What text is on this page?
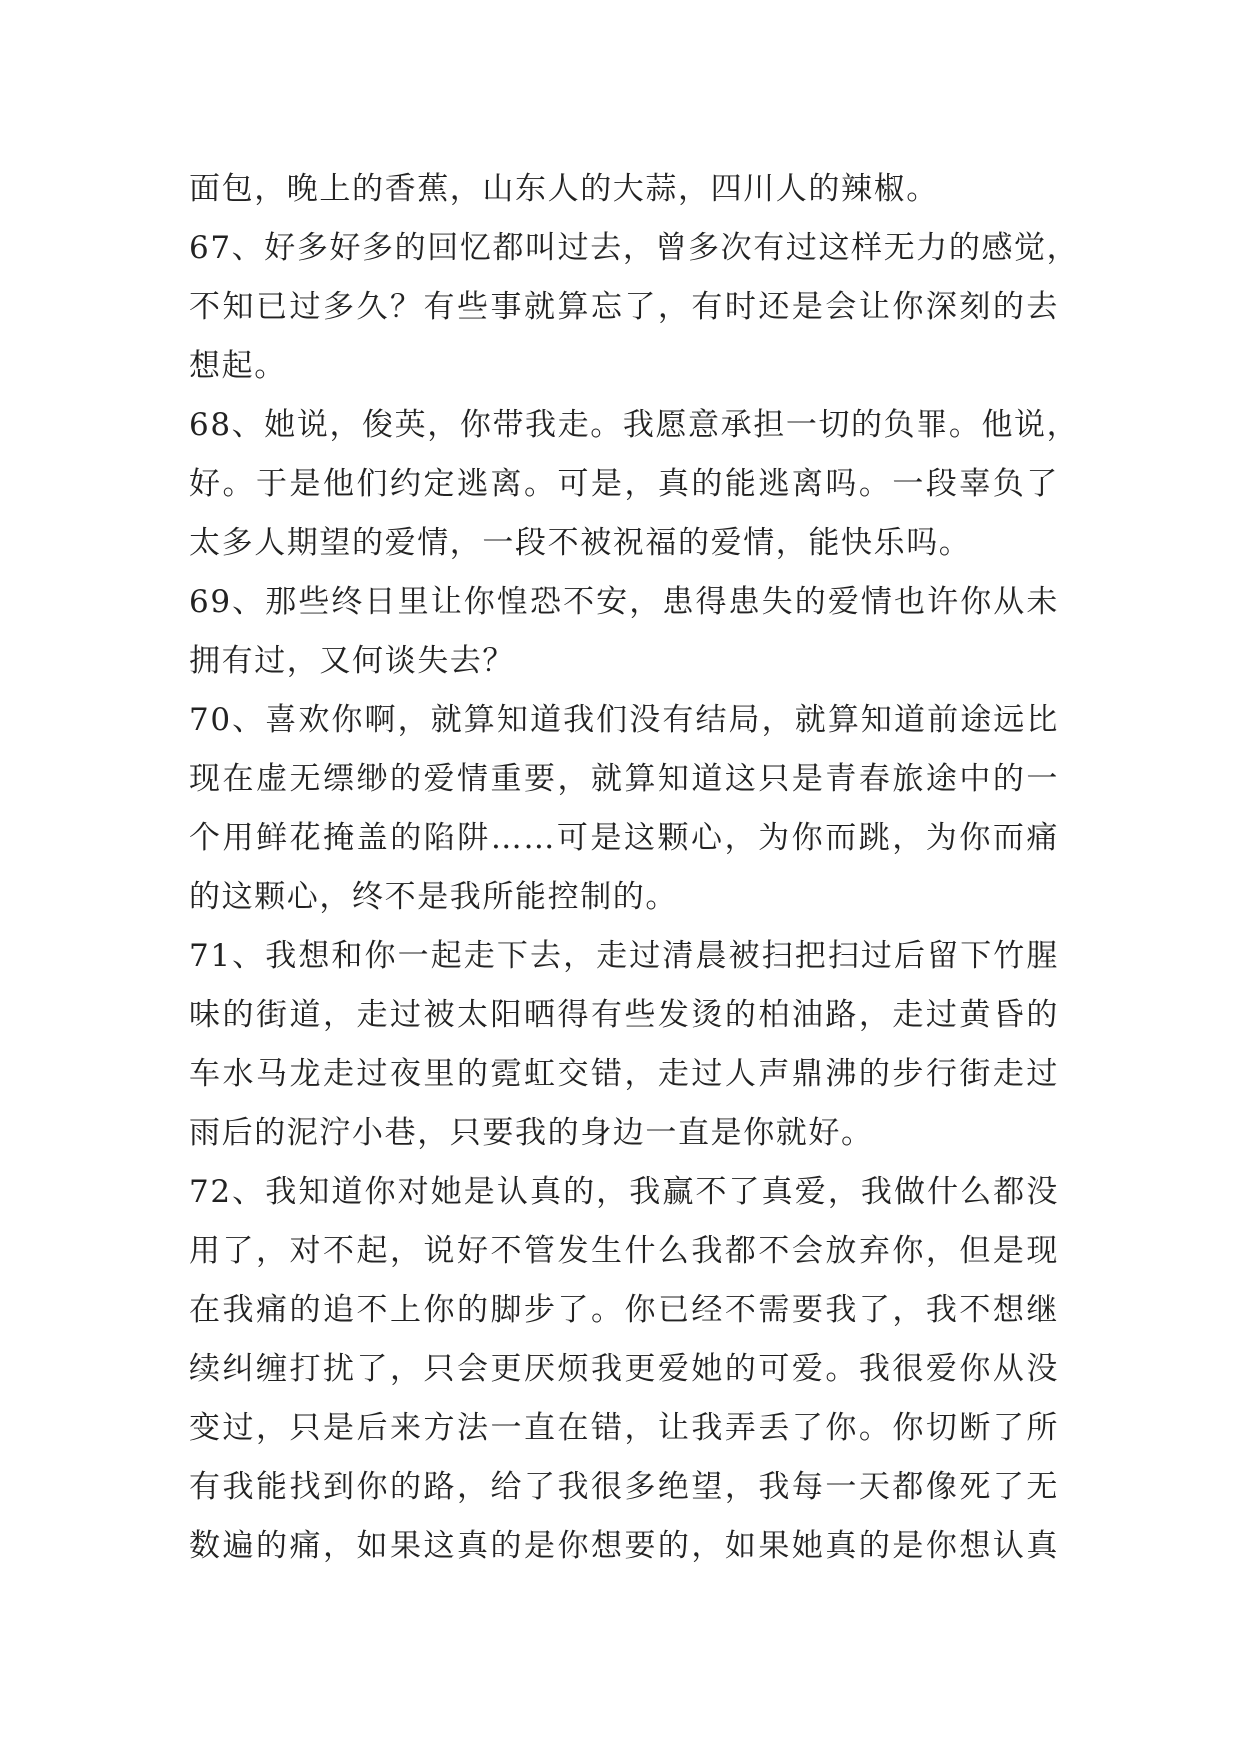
面包，晚上的香蕉，山东人的大蒜，四川人的辣椒。
67、好多好多的回忆都叫过去，曾多次有过这样无力的感觉，
不知已过多久？有些事就算忘了，有时还是会让你深刻的去
想起。
68、她说，俊英，你带我走。我愿意承担一切的负罪。他说，
好。于是他们约定逃离。可是，真的能逃离吗。一段辜负了
太多人期望的爱情，一段不被祝福的爱情，能快乐吗。
69、那些终日里让你惶恐不安，患得患失的爱情也许你从未
拥有过，又何谈失去？
70、喜欢你啊，就算知道我们没有结局，就算知道前途远比
现在虚无缥缈的爱情重要，就算知道这只是青春旅途中的一
个用鲜花掩盖的陷阱……可是这颗心，为你而跳，为你而痛
的这颗心，终不是我所能控制的。
71、我想和你一起走下去，走过清晨被扫把扫过后留下竹腥
味的街道，走过被太阳晒得有些发烫的柏油路，走过黄昏的
车水马龙走过夜里的霓虹交错，走过人声鼎沸的步行街走过
雨后的泥泞小巷，只要我的身边一直是你就好。
72、我知道你对她是认真的，我赢不了真爱，我做什么都没
用了，对不起，说好不管发生什么我都不会放弃你，但是现
在我痛的追不上你的脚步了。你已经不需要我了，我不想继
续纠缠打扰了，只会更厌烦我更爱她的可爱。我很爱你从没
变过，只是后来方法一直在错，让我弄丢了你。你切断了所
有我能找到你的路，给了我很多绝望，我每一天都像死了无
数遍的痛，如果这真的是你想要的，如果她真的是你想认真
